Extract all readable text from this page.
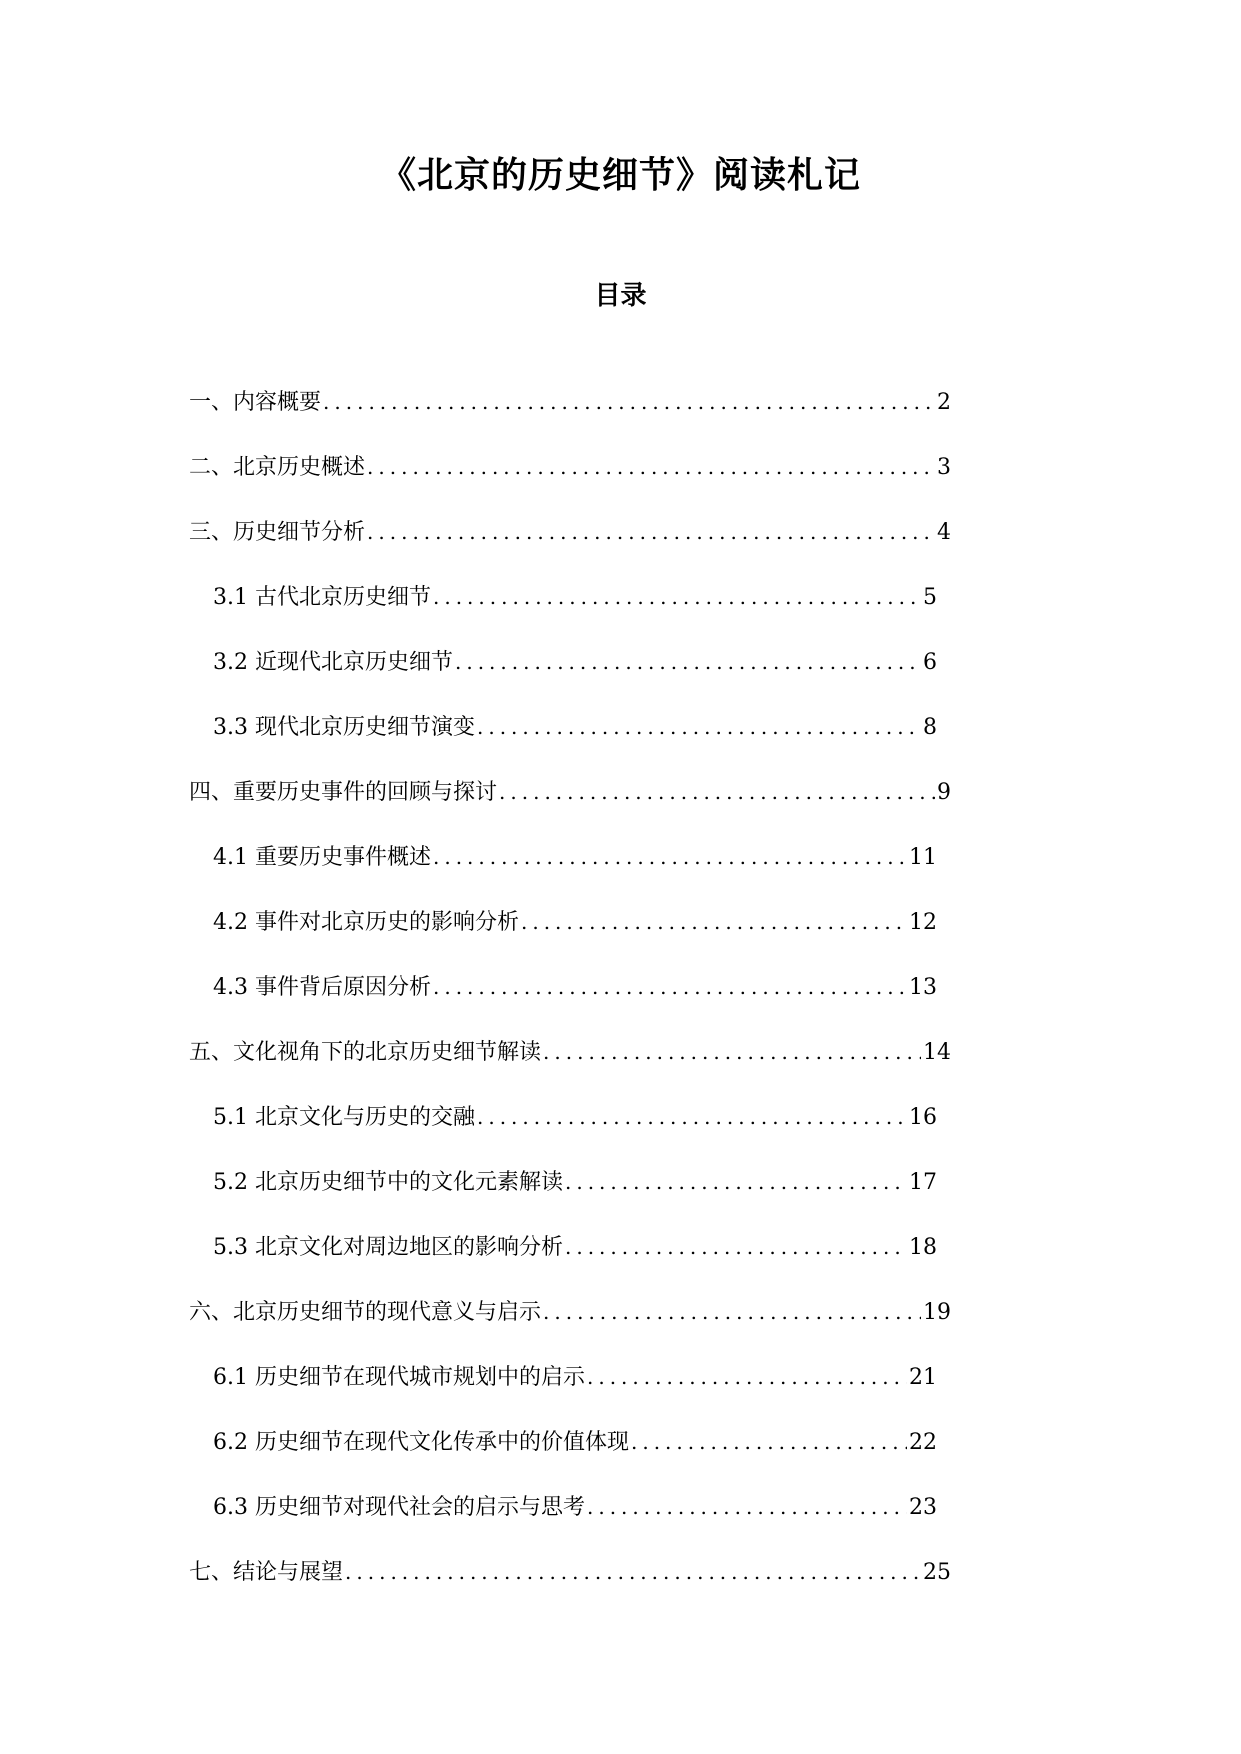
《北京的历史细节》阅读札记
目录
一、内容概要 .....	2
二、北京历史概述 .....	3
三、历史细节分析 .....	4
3.1 古代北京历史细节 .....	5
3.2 近现代北京历史细节 .....	6
3.3 现代北京历史细节演变 .....	8
四、重要历史事件的回顾与探讨 .....	9
4.1 重要历史事件概述 .....	11
4.2 事件对北京历史的影响分析 .....	12
4.3 事件背后原因分析 .....	13
五、文化视角下的北京历史细节解读 .....	14
5.1 北京文化与历史的交融 .....	16
5.2 北京历史细节中的文化元素解读 .....	17
5.3 北京文化对周边地区的影响分析 .....	18
六、北京历史细节的现代意义与启示 .....	19
6.1 历史细节在现代城市规划中的启示 .....	21
6.2 历史细节在现代文化传承中的价值体现 .....	22
6.3 历史细节对现代社会的启示与思考 .....	23
七、结论与展望 .....	25
